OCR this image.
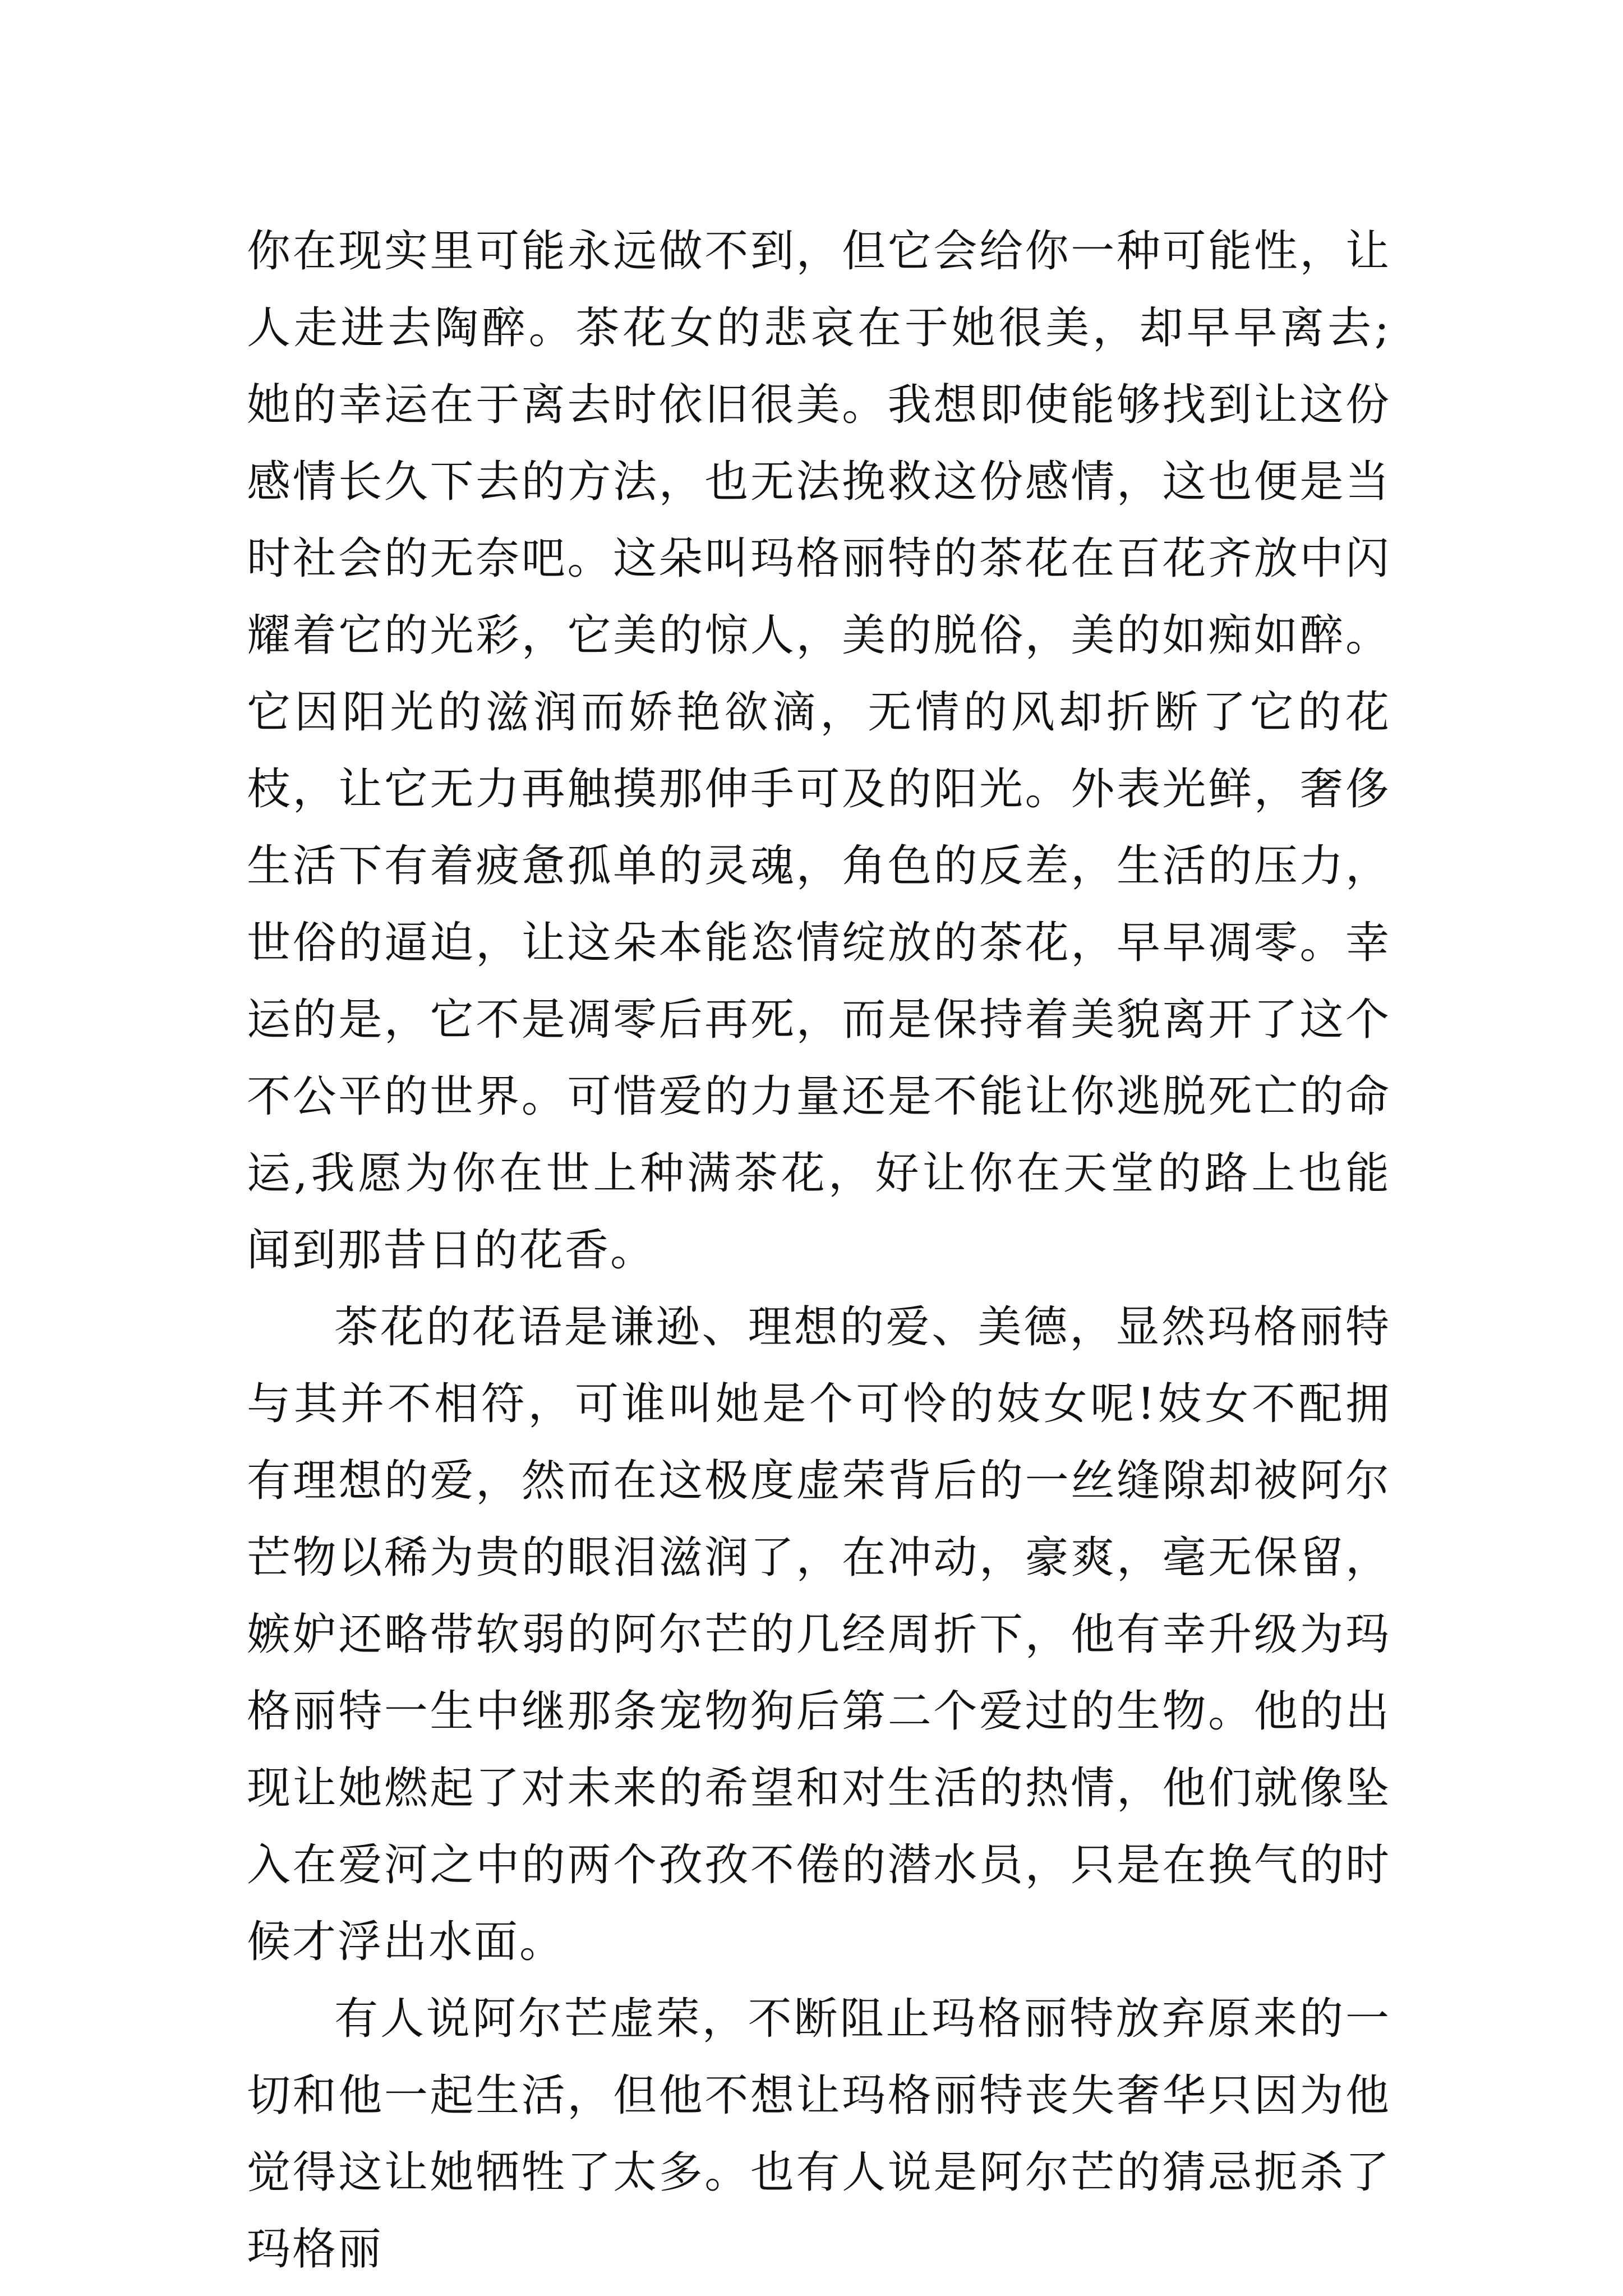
你在现实里可能永远做不到，但它会给你一种可能性，让人走进去陶醉。茶花女的悲哀在于她很美，却早早离去;她的幸运在于离去时依旧很美。我想即使能够找到让这份感情长久下去的方法，也无法挽救这份感情，这也便是当时社会的无奈吧。这朵叫玛格丽特的茶花在百花齐放中闪耀着它的光彩，它美的惊人，美的脱俗，美的如痴如醉。它因阳光的滋润而娇艳欲滴，无情的风却折断了它的花枝，让它无力再触摸那伸手可及的阳光。外表光鲜，奢侈生活下有着疲惫孤单的灵魂，角色的反差，生活的压力，世俗的逼迫，让这朵本能恣情绽放的茶花，早早凋零。幸运的是，它不是凋零后再死，而是保持着美貌离开了这个不公平的世界。可惜爱的力量还是不能让你逃脱死亡的命运,我愿为你在世上种满茶花，好让你在天堂的路上也能闻到那昔日的花香。

茶花的花语是谦逊、理想的爱、美德，显然玛格丽特与其并不相符，可谁叫她是个可怜的妓女呢!妓女不配拥有理想的爱，然而在这极度虚荣背后的一丝缝隙却被阿尔芒物以稀为贵的眼泪滋润了，在冲动，豪爽，毫无保留，嫉妒还略带软弱的阿尔芒的几经周折下，他有幸升级为玛格丽特一生中继那条宠物狗后第二个爱过的生物。他的出现让她燃起了对未来的希望和对生活的热情，他们就像坠入在爱河之中的两个孜孜不倦的潜水员，只是在换气的时候才浮出水面。

有人说阿尔芒虚荣，不断阻止玛格丽特放弃原来的一切和他一起生活，但他不想让玛格丽特丧失奢华只因为他觉得这让她牺牲了太多。也有人说是阿尔芒的猜忌扼杀了玛格丽
